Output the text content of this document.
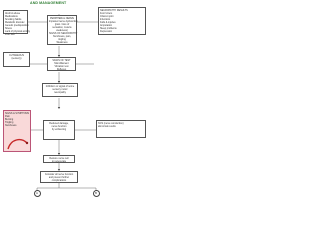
AND MANAGEMENT
Alcohol abuse
Medications
Smoking habits
Metabolic disorder
Genetic predisposition
Stress
Lack of physical activity
Poor diet
PERIPHERAL NERVE
Impaired nerve dysfunction
(pain / loss of
sensation, muscle
weakness)
SIGNS OF NEUROPATHY
Numbness, pain,
tingling
Weakness
NEUROPATHY RESULTS
Foot Ulcers
Charcot joint
Infections
Falls & injuries
Amputation
Sleep problems
Depression
CUTANEOUS
(sensory)
SIGNS OF TEST
Monofilament
Vibration test
Reflexes
Inhibition or signal of some
sensory motor
neuropathy
SIGNS & SYMPTOMS
Pain
Burning
Tingling
Numbness
Reduced damage,
nerve function
by enhancing
NCS (nerve conduction)
abnormal results
Restore nerve cell
to regenerate
Consider all nerve function
and prevent further
complications
A	B
